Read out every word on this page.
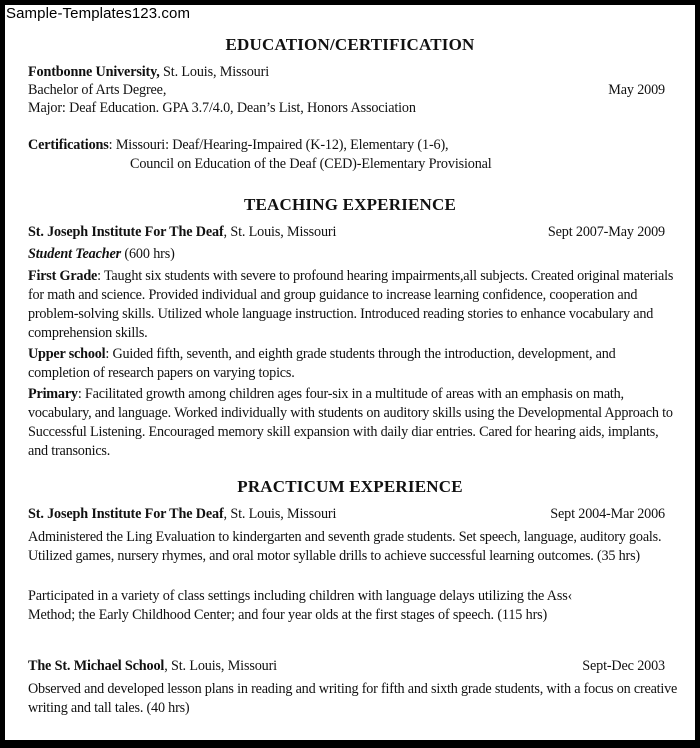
Sample-Templates123.com
EDUCATION/CERTIFICATION
Fontbonne University, St. Louis, Missouri
Bachelor of Arts Degree,	May 2009
Major: Deaf Education. GPA 3.7/4.0, Dean’s List, Honors Association
Certifications: Missouri: Deaf/Hearing-Impaired (K-12), Elementary (1-6),
Council on Education of the Deaf (CED)-Elementary Provisional
TEACHING EXPERIENCE
St. Joseph Institute For The Deaf, St. Louis, Missouri	Sept 2007-May 2009
Student Teacher (600 hrs)
First Grade: Taught six students with severe to profound hearing impairments,all subjects. Created original materials for math and science. Provided individual and group guidance to increase learning confidence, cooperation and problem-solving skills. Utilized whole language instruction. Introduced reading stories to enhance vocabulary and comprehension skills.
Upper school: Guided fifth, seventh, and eighth grade students through the introduction, development, and completion of research papers on varying topics.
Primary: Facilitated growth among children ages four-six in a multitude of areas with an emphasis on math, vocabulary, and language. Worked individually with students on auditory skills using the Developmental Approach to Successful Listening. Encouraged memory skill expansion with daily diar entries. Cared for hearing aids, implants, and transonics.
PRACTICUM EXPERIENCE
St. Joseph Institute For The Deaf, St. Louis, Missouri	Sept 2004-Mar 2006
Administered the Ling Evaluation to kindergarten and seventh grade students. Set speech, language, auditory goals. Utilized games, nursery rhymes, and oral motor syllable drills to achieve successful learning outcomes. (35 hrs)
Participated in a variety of class settings including children with language delays utilizing the Ass‹
Method; the Early Childhood Center; and four year olds at the first stages of speech. (115 hrs)
The St. Michael School, St. Louis, Missouri	Sept-Dec 2003
Observed and developed lesson plans in reading and writing for fifth and sixth grade students, with a focus on creative writing and tall tales. (40 hrs)
